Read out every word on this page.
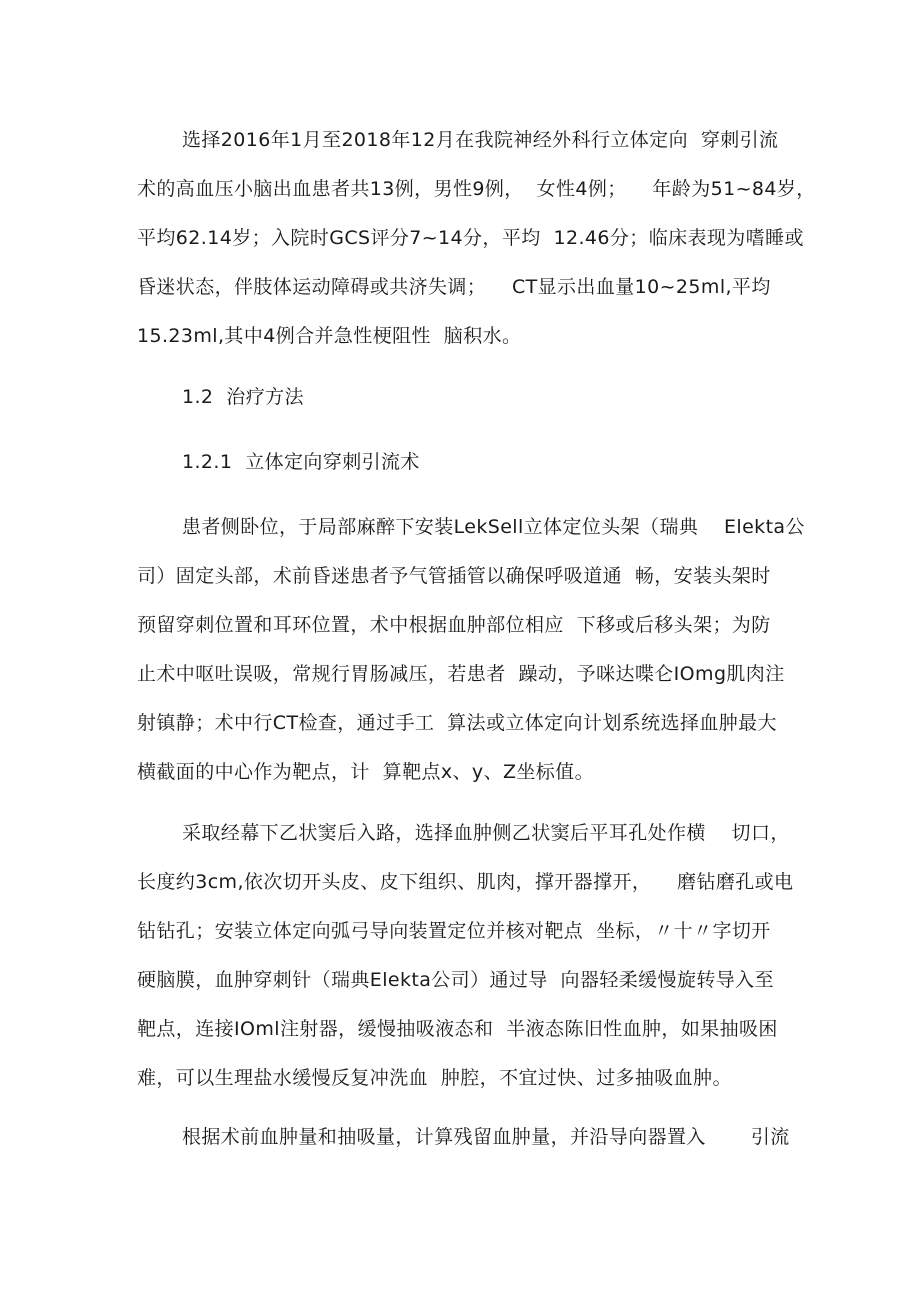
选择2016年1月至2018年12月在我院神经外科行立体定向  穿刺引流
术的高血压小脑出血患者共13例，男性9例，  女性4例；    年龄为51~84岁，
平均62.14岁；入院时GCS评分7~14分，平均  12.46分；临床表现为嗜睡或
昏迷状态，伴肢体运动障碍或共济失调；    CT显示出血量10~25ml,平均
15.23ml,其中4例合并急性梗阻性  脑积水。
1.2  治疗方法
1.2.1  立体定向穿刺引流术
患者侧卧位，于局部麻醉下安装LekSell立体定位头架（瑞典    Elekta公
司）固定头部，术前昏迷患者予气管插管以确保呼吸道通  畅，安装头架时
预留穿刺位置和耳环位置，术中根据血肿部位相应  下移或后移头架；为防
止术中呕吐误吸，常规行胃肠减压，若患者  躁动，予咪达喋仑IOmg肌肉注
射镇静；术中行CT检查，通过手工  算法或立体定向计划系统选择血肿最大
横截面的中心作为靶点，计  算靶点x、y、Z坐标值。
采取经幕下乙状窦后入路，选择血肿侧乙状窦后平耳孔处作横    切口，
长度约3cm,依次切开头皮、皮下组织、肌肉，撑开器撑开，    磨钻磨孔或电
钻钻孔；安装立体定向弧弓导向装置定位并核对靶点  坐标，〃十〃字切开
硬脑膜，血肿穿刺针（瑞典Elekta公司）通过导  向器轻柔缓慢旋转导入至
靶点，连接IOml注射器，缓慢抽吸液态和  半液态陈旧性血肿，如果抽吸困
难，可以生理盐水缓慢反复冲洗血  肿腔，不宜过快、过多抽吸血肿。
根据术前血肿量和抽吸量，计算残留血肿量，并沿导向器置入       引流
